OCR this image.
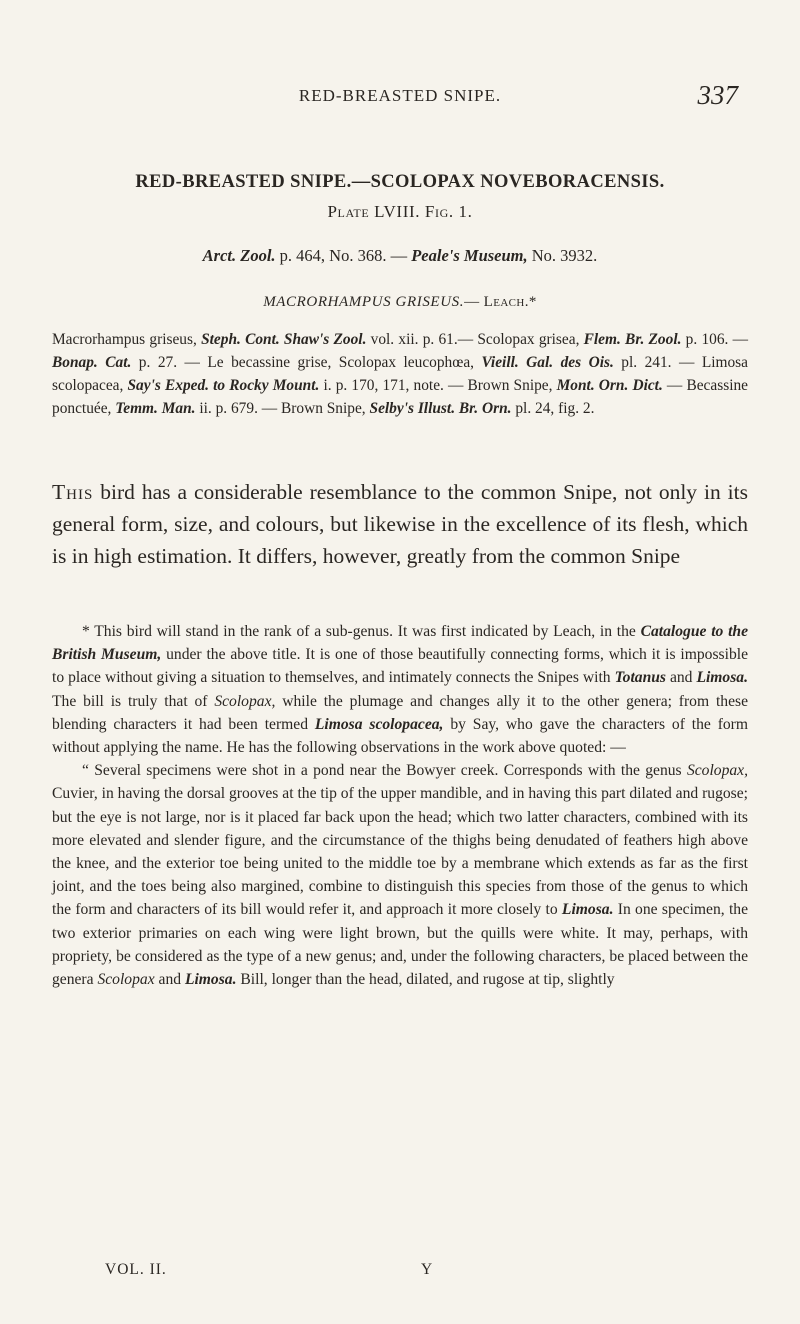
RED-BREASTED SNIPE.	337
RED-BREASTED SNIPE.—SCOLOPAX NOVEBORACENSIS.
Plate LVIII. Fig. 1.
Arct. Zool. p. 464, No. 368. — Peale's Museum, No. 3932.
MACRORHAMPUS GRISEUS.— Leach.*
Macrorhampus griseus, Steph. Cont. Shaw's Zool. vol. xii. p. 61.— Scolopax grisea, Flem. Br. Zool. p. 106. — Bonap. Cat. p. 27. — Le becassine grise, Scolopax leucophœa, Vieill. Gal. des Ois. pl. 241. — Limosa scolopacea, Say's Exped. to Rocky Mount. i. p. 170, 171, note. — Brown Snipe, Mont. Orn. Dict. — Becassine ponctuée, Temm. Man. ii. p. 679. — Brown Snipe, Selby's Illust. Br. Orn. pl. 24, fig. 2.
This bird has a considerable resemblance to the common Snipe, not only in its general form, size, and colours, but likewise in the excellence of its flesh, which is in high estimation. It differs, however, greatly from the common Snipe

* This bird will stand in the rank of a sub-genus. It was first indicated by Leach, in the Catalogue to the British Museum, under the above title. It is one of those beautifully connecting forms, which it is impossible to place without giving a situation to themselves, and intimately connects the Snipes with Totanus and Limosa. The bill is truly that of Scolopax, while the plumage and changes ally it to the other genera; from these blending characters it had been termed Limosa scolopacea, by Say, who gave the characters of the form without applying the name. He has the following observations in the work above quoted: —

“ Several specimens were shot in a pond near the Bowyer creek. Corresponds with the genus Scolopax, Cuvier, in having the dorsal grooves at the tip of the upper mandible, and in having this part dilated and rugose; but the eye is not large, nor is it placed far back upon the head; which two latter characters, combined with its more elevated and slender figure, and the circumstance of the thighs being denudated of feathers high above the knee, and the exterior toe being united to the middle toe by a membrane which extends as far as the first joint, and the toes being also margined, combine to distinguish this species from those of the genus to which the form and characters of its bill would refer it, and approach it more closely to Limosa. In one specimen, the two exterior primaries on each wing were light brown, but the quills were white. It may, perhaps, with propriety, be considered as the type of a new genus; and, under the following characters, be placed between the genera Scolopax and Limosa. Bill, longer than the head, dilated, and rugose at tip, slightly

VOL. II.	Y
